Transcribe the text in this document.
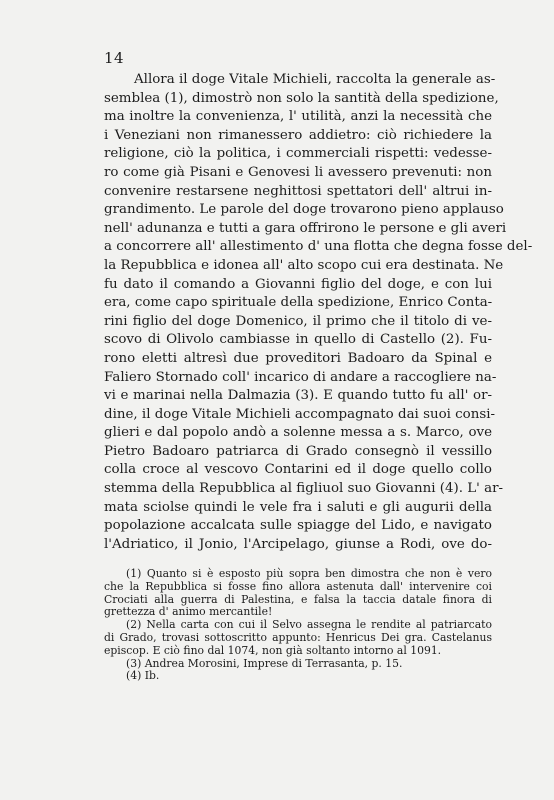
14
Allora il doge Vitale Michieli, raccolta la generale as-
semblea (1), dimostrò non solo la santità della spedizione,
ma inoltre la convenienza, l' utilità, anzi la necessità che
i Veneziani non rimanessero addietro: ciò richiedere la
religione, ciò la politica, i commerciali rispetti: vedesse-
ro come già Pisani e Genovesi li avessero prevenuti: non
convenire restarsene neghittosi spettatori dell' altrui in-
grandimento. Le parole del doge trovarono pieno applauso
nell' adunanza e tutti a gara offrirono le persone e gli averi
a concorrere all' allestimento d' una flotta che degna fosse del-
la Repubblica e idonea all' alto scopo cui era destinata. Ne
fu dato il comando a Giovanni figlio del doge, e con lui
era, come capo spirituale della spedizione, Enrico Conta-
rini figlio del doge Domenico, il primo che il titolo di ve-
scovo di Olivolo cambiasse in quello di Castello (2). Fu-
rono eletti altresì due proveditori Badoaro da Spinal e
Faliero Stornado coll' incarico di andare a raccogliere na-
vi e marinai nella Dalmazia (3). E quando tutto fu all' or-
dine, il doge Vitale Michieli accompagnato dai suoi consi-
glieri e dal popolo andò a solenne messa a s. Marco, ove
Pietro Badoaro patriarca di Grado consegnò il vessillo
colla croce al vescovo Contarini ed il doge quello collo
stemma della Repubblica al figliuol suo Giovanni (4). L' ar-
mata sciolse quindi le vele fra i saluti e gli augurii della
popolazione accalcata sulle spiagge del Lido, e navigato
l'Adriatico, il Jonio, l'Arcipelago, giunse a Rodi, ove do-
(1) Quanto si è esposto più sopra ben dimostra che non è vero
che la Repubblica si fosse fino allora astenuta dall' intervenire coi
Crociati alla guerra di Palestina, e falsa la taccia datale finora di
grettezza d' animo mercantile!
(2) Nella carta con cui il Selvo assegna le rendite al patriarcato
di Grado, trovasi sottoscritto appunto: Henricus Dei gra. Castelanus
episcop. E ciò fino dal 1074, non già soltanto intorno al 1091.
(3) Andrea Morosini, Imprese di Terrasanta, p. 15.
(4) Ib.
